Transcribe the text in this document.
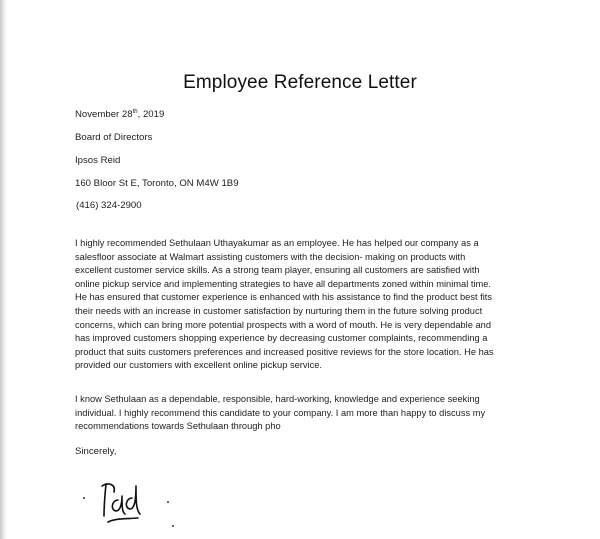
Employee Reference Letter
November 28th, 2019
Board of Directors
Ipsos Reid
160 Bloor St E, Toronto, ON M4W 1B9
(416) 324-2900
I highly recommended Sethulaan Uthayakumar as an employee. He has helped our company as a
salesfloor associate at Walmart assisting customers with the decision- making on products with
excellent customer service skills. As a strong team player, ensuring all customers are satisfied with
online pickup service and implementing strategies to have all departments zoned within minimal time.
He has ensured that customer experience is enhanced with his assistance to find the product best fits
their needs with an increase in customer satisfaction by nurturing them in the future solving product
concerns, which can bring more potential prospects with a word of mouth. He is very dependable and
has improved customers shopping experience by decreasing customer complaints, recommending a
product that suits customers preferences and increased positive reviews for the store location. He has
provided our customers with excellent online pickup service.
I know Sethulaan as a dependable, responsible, hard-working, knowledge and experience seeking
individual. I highly recommend this candidate to your company. I am more than happy to discuss my
recommendations towards Sethulaan through pho
Sincerely,
